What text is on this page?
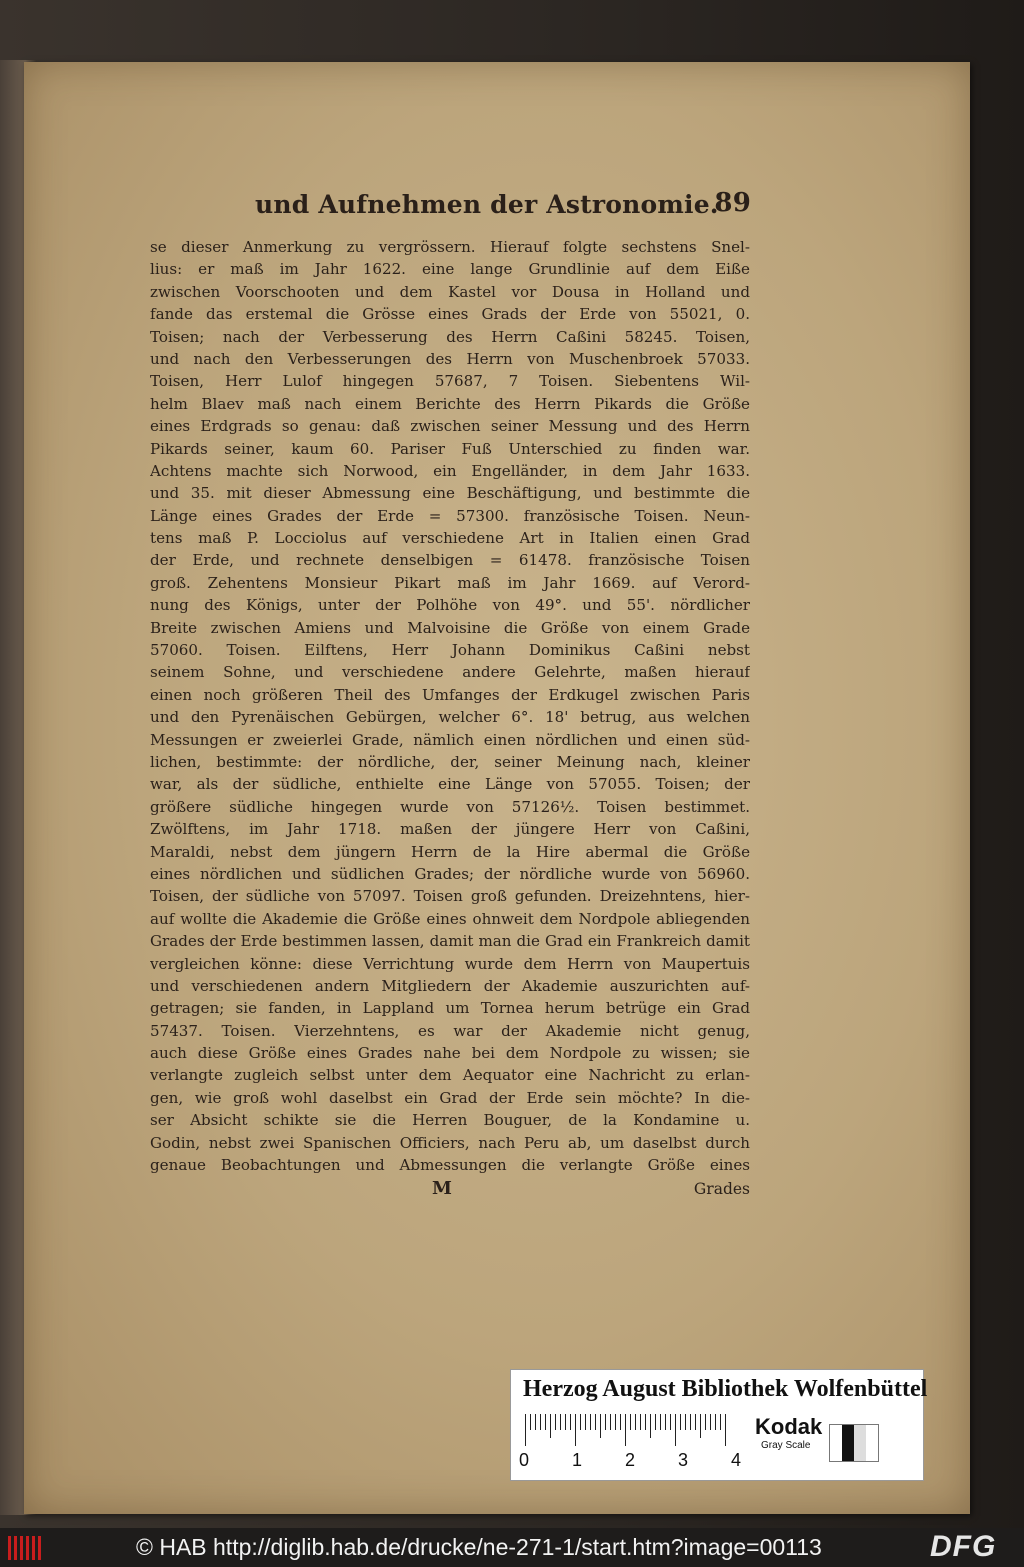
und Aufnehmen der Astronomie.
89
se dieser Anmerkung zu vergrössern. Hierauf folgte sechstens Snel-
lius: er maß im Jahr 1622. eine lange Grundlinie auf dem Eiße
zwischen Voorschooten und dem Kastel vor Dousa in Holland und
fande das erstemal die Grösse eines Grads der Erde von 55021, 0.
Toisen; nach der Verbesserung des Herrn Caßini 58245. Toisen,
und nach den Verbesserungen des Herrn von Muschenbroek 57033.
Toisen, Herr Lulof hingegen 57687, 7 Toisen. Siebentens Wil-
helm Blaev maß nach einem Berichte des Herrn Pikards die Größe
eines Erdgrads so genau: daß zwischen seiner Messung und des Herrn
Pikards seiner, kaum 60. Pariser Fuß Unterschied zu finden war.
Achtens machte sich Norwood, ein Engelländer, in dem Jahr 1633.
und 35. mit dieser Abmessung eine Beschäftigung, und bestimmte die
Länge eines Grades der Erde = 57300. französische Toisen. Neun-
tens maß P. Locciolus auf verschiedene Art in Italien einen Grad
der Erde, und rechnete denselbigen = 61478. französische Toisen
groß. Zehentens Monsieur Pikart maß im Jahr 1669. auf Verord-
nung des Königs, unter der Polhöhe von 49°. und 55'. nördlicher
Breite zwischen Amiens und Malvoisine die Größe von einem Grade
57060. Toisen. Eilftens, Herr Johann Dominikus Caßini nebst
seinem Sohne, und verschiedene andere Gelehrte, maßen hierauf
einen noch größeren Theil des Umfanges der Erdkugel zwischen Paris
und den Pyrenäischen Gebürgen, welcher 6°. 18' betrug, aus welchen
Messungen er zweierlei Grade, nämlich einen nördlichen und einen süd-
lichen, bestimmte: der nördliche, der, seiner Meinung nach, kleiner
war, als der südliche, enthielte eine Länge von 57055. Toisen; der
größere südliche hingegen wurde von 57126½. Toisen bestimmet.
Zwölftens, im Jahr 1718. maßen der jüngere Herr von Caßini,
Maraldi, nebst dem jüngern Herrn de la Hire abermal die Größe
eines nördlichen und südlichen Grades; der nördliche wurde von 56960.
Toisen, der südliche von 57097. Toisen groß gefunden. Dreizehntens, hier-
auf wollte die Akademie die Größe eines ohnweit dem Nordpole abliegenden
Grades der Erde bestimmen lassen, damit man die Grad ein Frankreich damit
vergleichen könne: diese Verrichtung wurde dem Herrn von Maupertuis
und verschiedenen andern Mitgliedern der Akademie auszurichten auf-
getragen; sie fanden, in Lappland um Tornea herum betrüge ein Grad
57437. Toisen. Vierzehntens, es war der Akademie nicht genug,
auch diese Größe eines Grades nahe bei dem Nordpole zu wissen; sie
verlangte zugleich selbst unter dem Aequator eine Nachricht zu erlan-
gen, wie groß wohl daselbst ein Grad der Erde sein möchte? In die-
ser Absicht schikte sie die Herren Bouguer, de la Kondamine u.
Godin, nebst zwei Spanischen Officiers, nach Peru ab, um daselbst durch
genaue Beobachtungen und Abmessungen die verlangte Größe eines
M	Grades
Herzog August Bibliothek Wolfenbüttel
0 1 2 3 4
Kodak
Gray Scale
© HAB http://diglib.hab.de/drucke/ne-271-1/start.htm?image=00113	DFG
